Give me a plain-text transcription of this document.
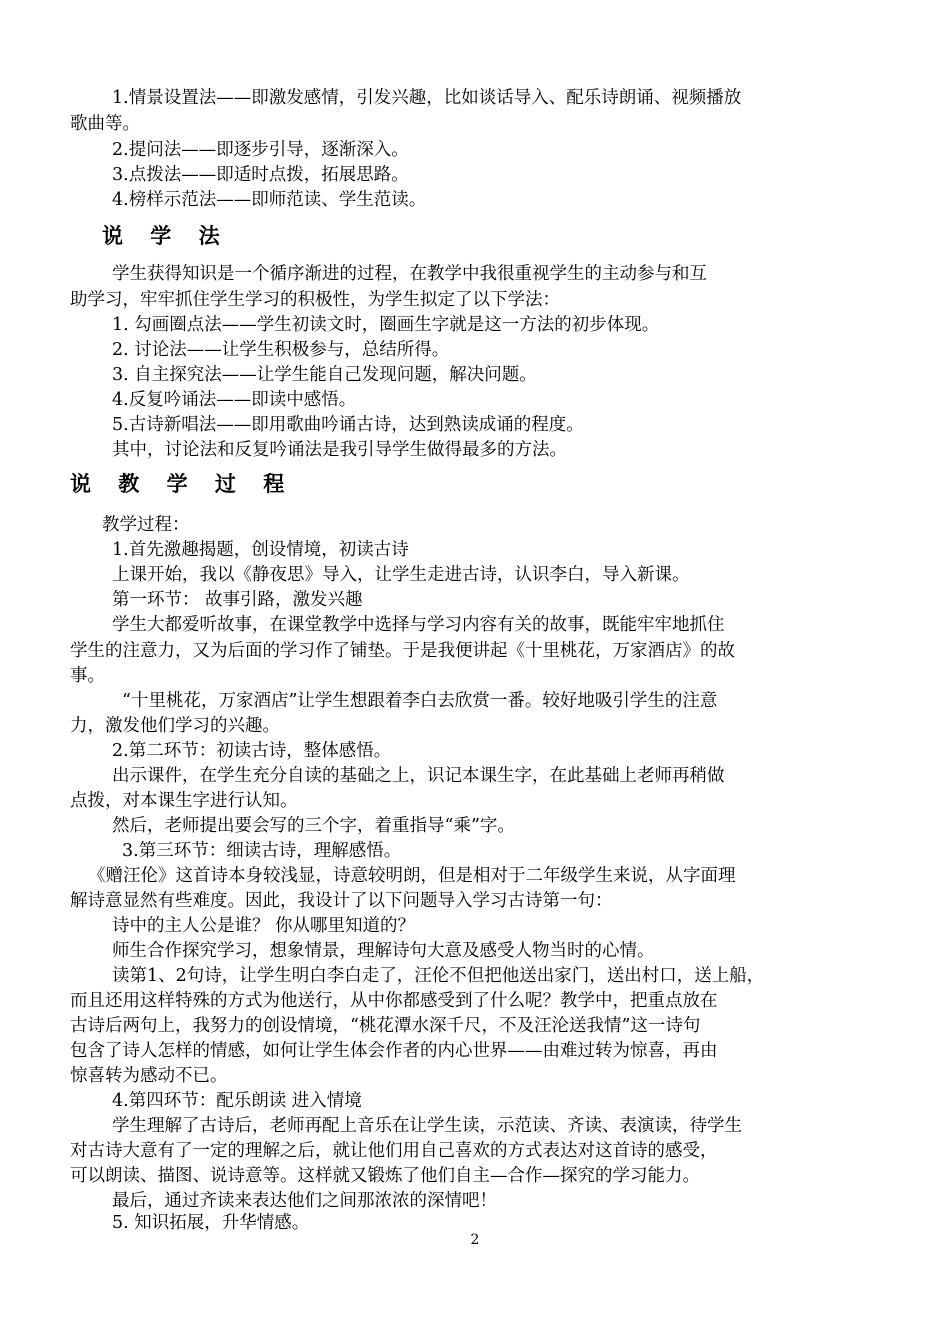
1.情景设置法——即激发感情，引发兴趣，比如谈话导入、配乐诗朗诵、视频播放
歌曲等。
2.提问法——即逐步引导，逐渐深入。
3.点拨法——即适时点拨，拓展思路。
4.榜样示范法——即师范读、学生范读。
说 学 法
学生获得知识是一个循序渐进的过程，在教学中我很重视学生的主动参与和互
助学习，牢牢抓住学生学习的积极性，为学生拟定了以下学法：
1. 勾画圈点法——学生初读文时，圈画生字就是这一方法的初步体现。
2. 讨论法——让学生积极参与，总结所得。
3. 自主探究法——让学生能自己发现问题，解决问题。
4.反复吟诵法——即读中感悟。
5.古诗新唱法——即用歌曲吟诵古诗，达到熟读成诵的程度。
其中，讨论法和反复吟诵法是我引导学生做得最多的方法。
说 教 学 过 程
教学过程：
1.首先激趣揭题，创设情境，初读古诗
上课开始，我以《静夜思》导入，让学生走进古诗，认识李白，导入新课。
第一环节： 故事引路，激发兴趣
学生大都爱听故事，在课堂教学中选择与学习内容有关的故事，既能牢牢地抓住
学生的注意力，又为后面的学习作了铺垫。于是我便讲起《十里桃花，万家酒店》的故
事。
“十里桃花，万家酒店”让学生想跟着李白去欣赏一番。较好地吸引学生的注意
力，激发他们学习的兴趣。
2.第二环节：初读古诗，整体感悟。
出示课件，在学生充分自读的基础之上，识记本课生字，在此基础上老师再稍做
点拨，对本课生字进行认知。
然后，老师提出要会写的三个字，着重指导“乘”字。
3.第三环节：细读古诗，理解感悟。
《赠汪伦》这首诗本身较浅显，诗意较明朗，但是相对于二年级学生来说，从字面理
解诗意显然有些难度。因此，我设计了以下问题导入学习古诗第一句：
诗中的主人公是谁？ 你从哪里知道的？
师生合作探究学习，想象情景，理解诗句大意及感受人物当时的心情。
读第1、2句诗，让学生明白李白走了，汪伦不但把他送出家门，送出村口，送上船，
而且还用这样特殊的方式为他送行，从中你都感受到了什么呢？教学中，把重点放在
古诗后两句上，我努力的创设情境，“桃花潭水深千尺，不及汪沦送我情”这一诗句
包含了诗人怎样的情感，如何让学生体会作者的内心世界——由难过转为惊喜，再由
惊喜转为感动不已。
4.第四环节：配乐朗读 进入情境
学生理解了古诗后，老师再配上音乐在让学生读，示范读、齐读、表演读，待学生
对古诗大意有了一定的理解之后，就让他们用自己喜欢的方式表达对这首诗的感受，
可以朗读、描图、说诗意等。这样就又锻炼了他们自主—合作—探究的学习能力。
最后，通过齐读来表达他们之间那浓浓的深情吧！
5. 知识拓展，升华情感。
2
